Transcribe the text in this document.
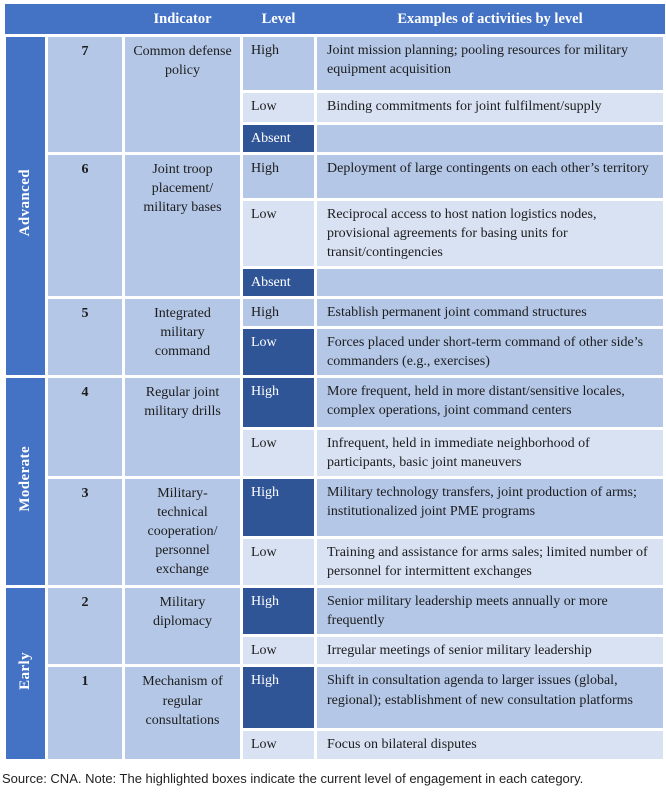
		Indicator	Level	Examples of activities by level
Advanced	7	Common defense policy	High	Joint mission planning; pooling resources for military equipment acquisition
			Low	Binding commitments for joint fulfilment/supply
			Absent	
	6	Joint troop placement/ military bases	High	Deployment of large contingents on each other’s territory
			Low	Reciprocal access to host nation logistics nodes, provisional agreements for basing units for transit/contingencies
			Absent	
	5	Integrated military command	High	Establish permanent joint command structures
			Low	Forces placed under short-term command of other side’s commanders (e.g., exercises)
Moderate	4	Regular joint military drills	High	More frequent, held in more distant/sensitive locales, complex operations, joint command centers
			Low	Infrequent, held in immediate neighborhood of participants, basic joint maneuvers
	3	Military-technical cooperation/ personnel exchange	High	Military technology transfers, joint production of arms; institutionalized joint PME programs
			Low	Training and assistance for arms sales; limited number of personnel for intermittent exchanges
Early	2	Military diplomacy	High	Senior military leadership meets annually or more frequently
			Low	Irregular meetings of senior military leadership
	1	Mechanism of regular consultations	High	Shift in consultation agenda to larger issues (global, regional); establishment of new consultation platforms
			Low	Focus on bilateral disputes
Source: CNA. Note: The highlighted boxes indicate the current level of engagement in each category.
